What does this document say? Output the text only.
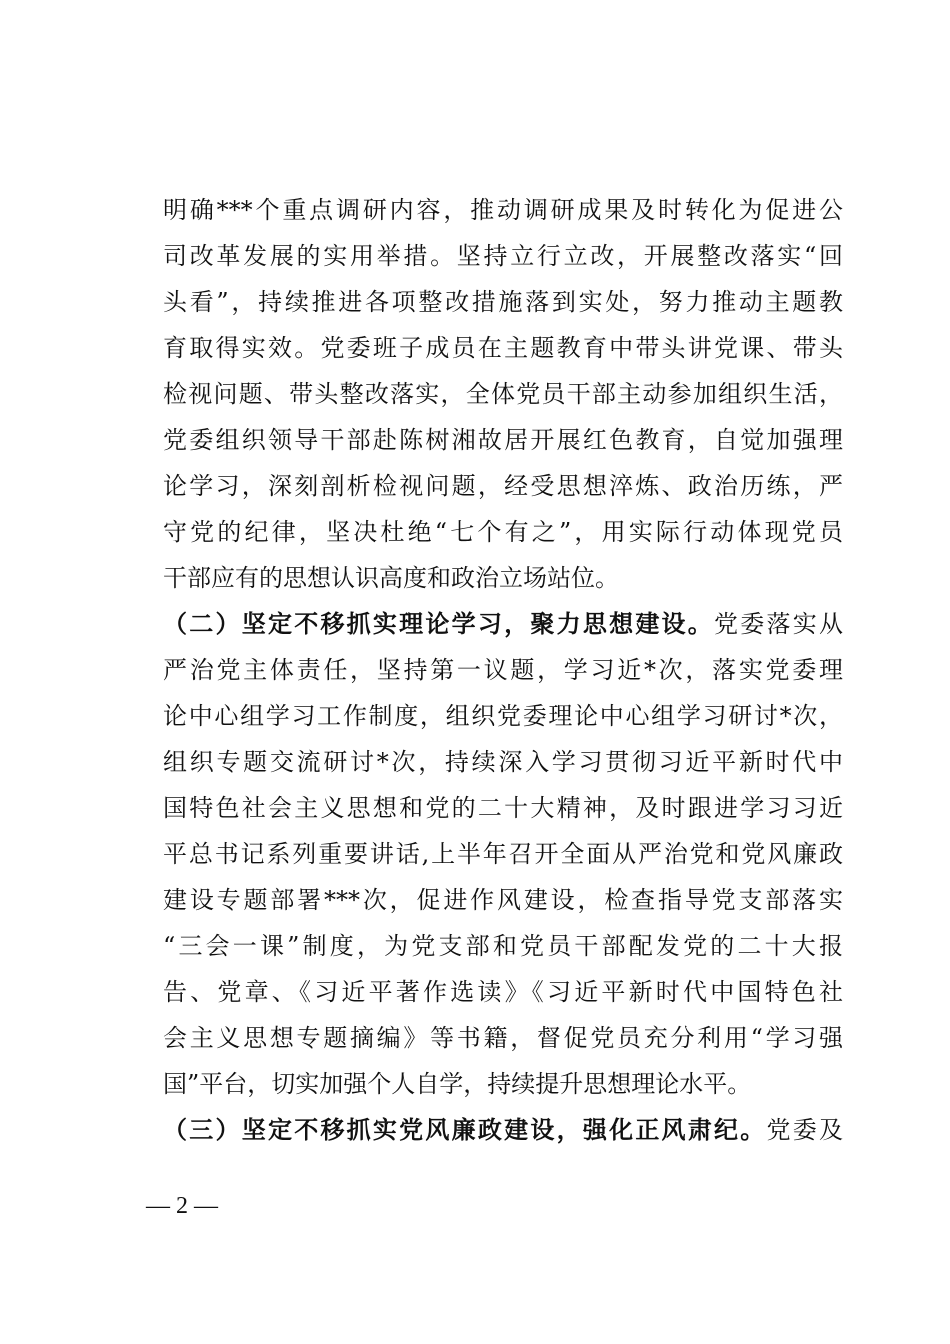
明确***个重点调研内容，推动调研成果及时转化为促进公
司改革发展的实用举措。坚持立行立改，开展整改落实“回
头看”，持续推进各项整改措施落到实处，努力推动主题教
育取得实效。党委班子成员在主题教育中带头讲党课、带头
检视问题、带头整改落实，全体党员干部主动参加组织生活，
党委组织领导干部赴陈树湘故居开展红色教育，自觉加强理
论学习，深刻剖析检视问题，经受思想淬炼、政治历练，严
守党的纪律，坚决杜绝“七个有之”，用实际行动体现党员
干部应有的思想认识高度和政治立场站位。
（二）坚定不移抓实理论学习，聚力思想建设。党委落实从
严治党主体责任，坚持第一议题，学习近*次，落实党委理
论中心组学习工作制度，组织党委理论中心组学习研讨*次，
组织专题交流研讨*次，持续深入学习贯彻习近平新时代中
国特色社会主义思想和党的二十大精神，及时跟进学习习近
平总书记系列重要讲话,上半年召开全面从严治党和党风廉政
建设专题部署***次，促进作风建设，检查指导党支部落实
“三会一课”制度，为党支部和党员干部配发党的二十大报
告、党章、《习近平著作选读》《习近平新时代中国特色社
会主义思想专题摘编》等书籍，督促党员充分利用“学习强
国”平台，切实加强个人自学，持续提升思想理论水平。
（三）坚定不移抓实党风廉政建设，强化正风肃纪。党委及
— 2 —
